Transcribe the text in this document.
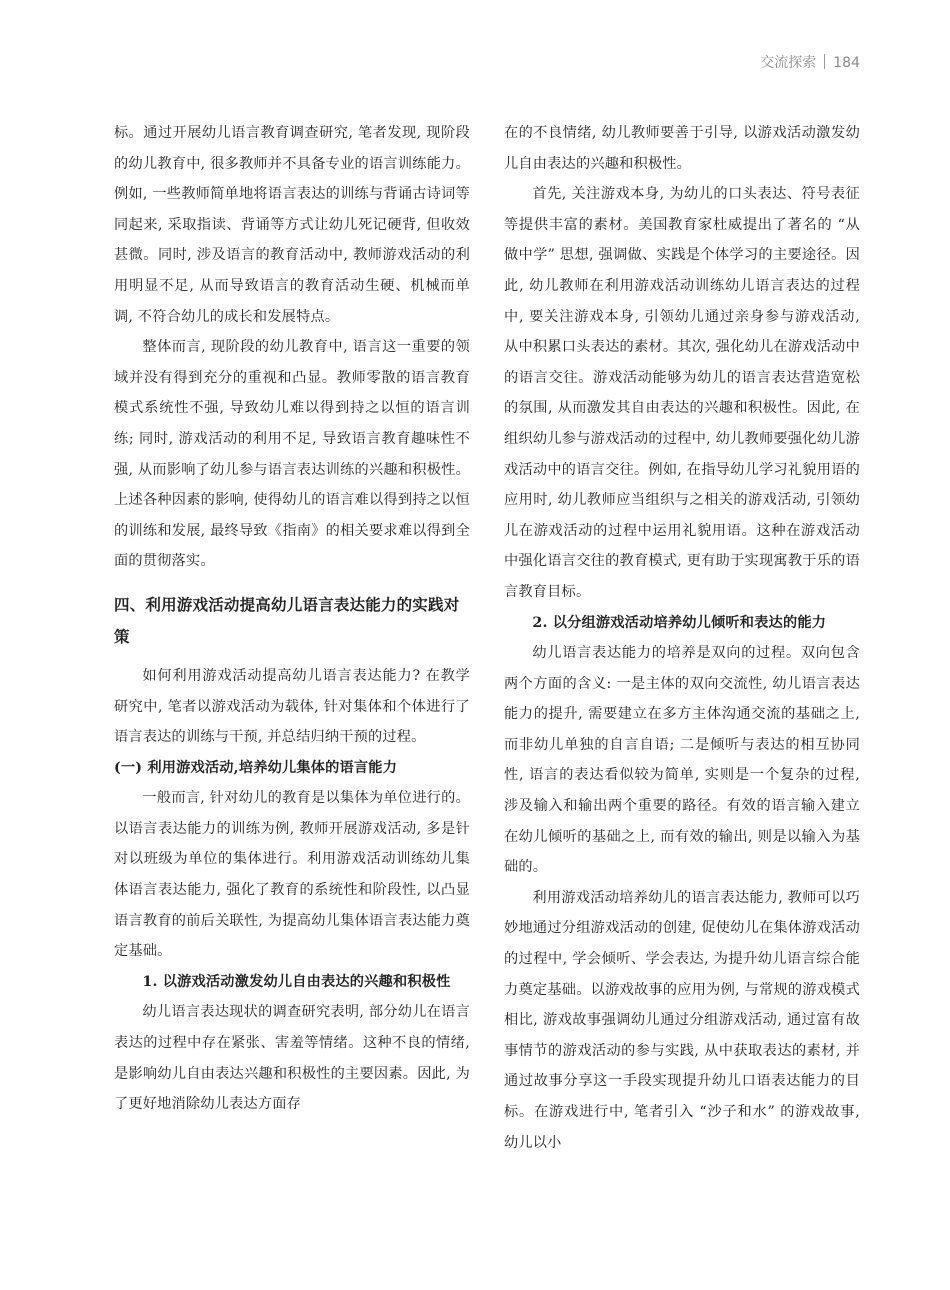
交流探索 184

标。通过开展幼儿语言教育调查研究, 笔者发现, 现阶段的幼儿教育中, 很多教师并不具备专业的语言训练能力。例如, 一些教师简单地将语言表达的训练与背诵古诗词等同起来, 采取指读、背诵等方式让幼儿死记硬背, 但收效甚微。同时, 涉及语言的教育活动中, 教师游戏活动的利用明显不足, 从而导致语言的教育活动生硬、机械而单调, 不符合幼儿的成长和发展特点。

整体而言, 现阶段的幼儿教育中, 语言这一重要的领域并没有得到充分的重视和凸显。教师零散的语言教育模式系统性不强, 导致幼儿难以得到持之以恒的语言训练; 同时, 游戏活动的利用不足, 导致语言教育趣味性不强, 从而影响了幼儿参与语言表达训练的兴趣和积极性。上述各种因素的影响, 使得幼儿的语言难以得到持之以恒的训练和发展, 最终导致《指南》的相关要求难以得到全面的贯彻落实。

四、利用游戏活动提高幼儿语言表达能力的实践对策

如何利用游戏活动提高幼儿语言表达能力? 在教学研究中, 笔者以游戏活动为载体, 针对集体和个体进行了语言表达的训练与干预, 并总结归纳干预的过程。

(一) 利用游戏活动,培养幼儿集体的语言能力

一般而言, 针对幼儿的教育是以集体为单位进行的。以语言表达能力的训练为例, 教师开展游戏活动, 多是针对以班级为单位的集体进行。利用游戏活动训练幼儿集体语言表达能力, 强化了教育的系统性和阶段性, 以凸显语言教育的前后关联性, 为提高幼儿集体语言表达能力奠定基础。

1. 以游戏活动激发幼儿自由表达的兴趣和积极性

幼儿语言表达现状的调查研究表明, 部分幼儿在语言表达的过程中存在紧张、害羞等情绪。这种不良的情绪, 是影响幼儿自由表达兴趣和积极性的主要因素。因此, 为了更好地消除幼儿表达方面存

在的不良情绪, 幼儿教师要善于引导, 以游戏活动激发幼儿自由表达的兴趣和积极性。

首先, 关注游戏本身, 为幼儿的口头表达、符号表征等提供丰富的素材。美国教育家杜威提出了著名的 “从做中学” 思想, 强调做、实践是个体学习的主要途径。因此, 幼儿教师在利用游戏活动训练幼儿语言表达的过程中, 要关注游戏本身, 引领幼儿通过亲身参与游戏活动, 从中积累口头表达的素材。其次, 强化幼儿在游戏活动中的语言交往。游戏活动能够为幼儿的语言表达营造宽松的氛围, 从而激发其自由表达的兴趣和积极性。因此, 在组织幼儿参与游戏活动的过程中, 幼儿教师要强化幼儿游戏活动中的语言交往。例如, 在指导幼儿学习礼貌用语的应用时, 幼儿教师应当组织与之相关的游戏活动, 引领幼儿在游戏活动的过程中运用礼貌用语。这种在游戏活动中强化语言交往的教育模式, 更有助于实现寓教于乐的语言教育目标。

2. 以分组游戏活动培养幼儿倾听和表达的能力

幼儿语言表达能力的培养是双向的过程。双向包含两个方面的含义: 一是主体的双向交流性, 幼儿语言表达能力的提升, 需要建立在多方主体沟通交流的基础之上, 而非幼儿单独的自言自语; 二是倾听与表达的相互协同性, 语言的表达看似较为简单, 实则是一个复杂的过程, 涉及输入和输出两个重要的路径。有效的语言输入建立在幼儿倾听的基础之上, 而有效的输出, 则是以输入为基础的。

利用游戏活动培养幼儿的语言表达能力, 教师可以巧妙地通过分组游戏活动的创建, 促使幼儿在集体游戏活动的过程中, 学会倾听、学会表达, 为提升幼儿语言综合能力奠定基础。以游戏故事的应用为例, 与常规的游戏模式相比, 游戏故事强调幼儿通过分组游戏活动, 通过富有故事情节的游戏活动的参与实践, 从中获取表达的素材, 并通过故事分享这一手段实现提升幼儿口语表达能力的目标。在游戏进行中, 笔者引入 “沙子和水” 的游戏故事, 幼儿以小
